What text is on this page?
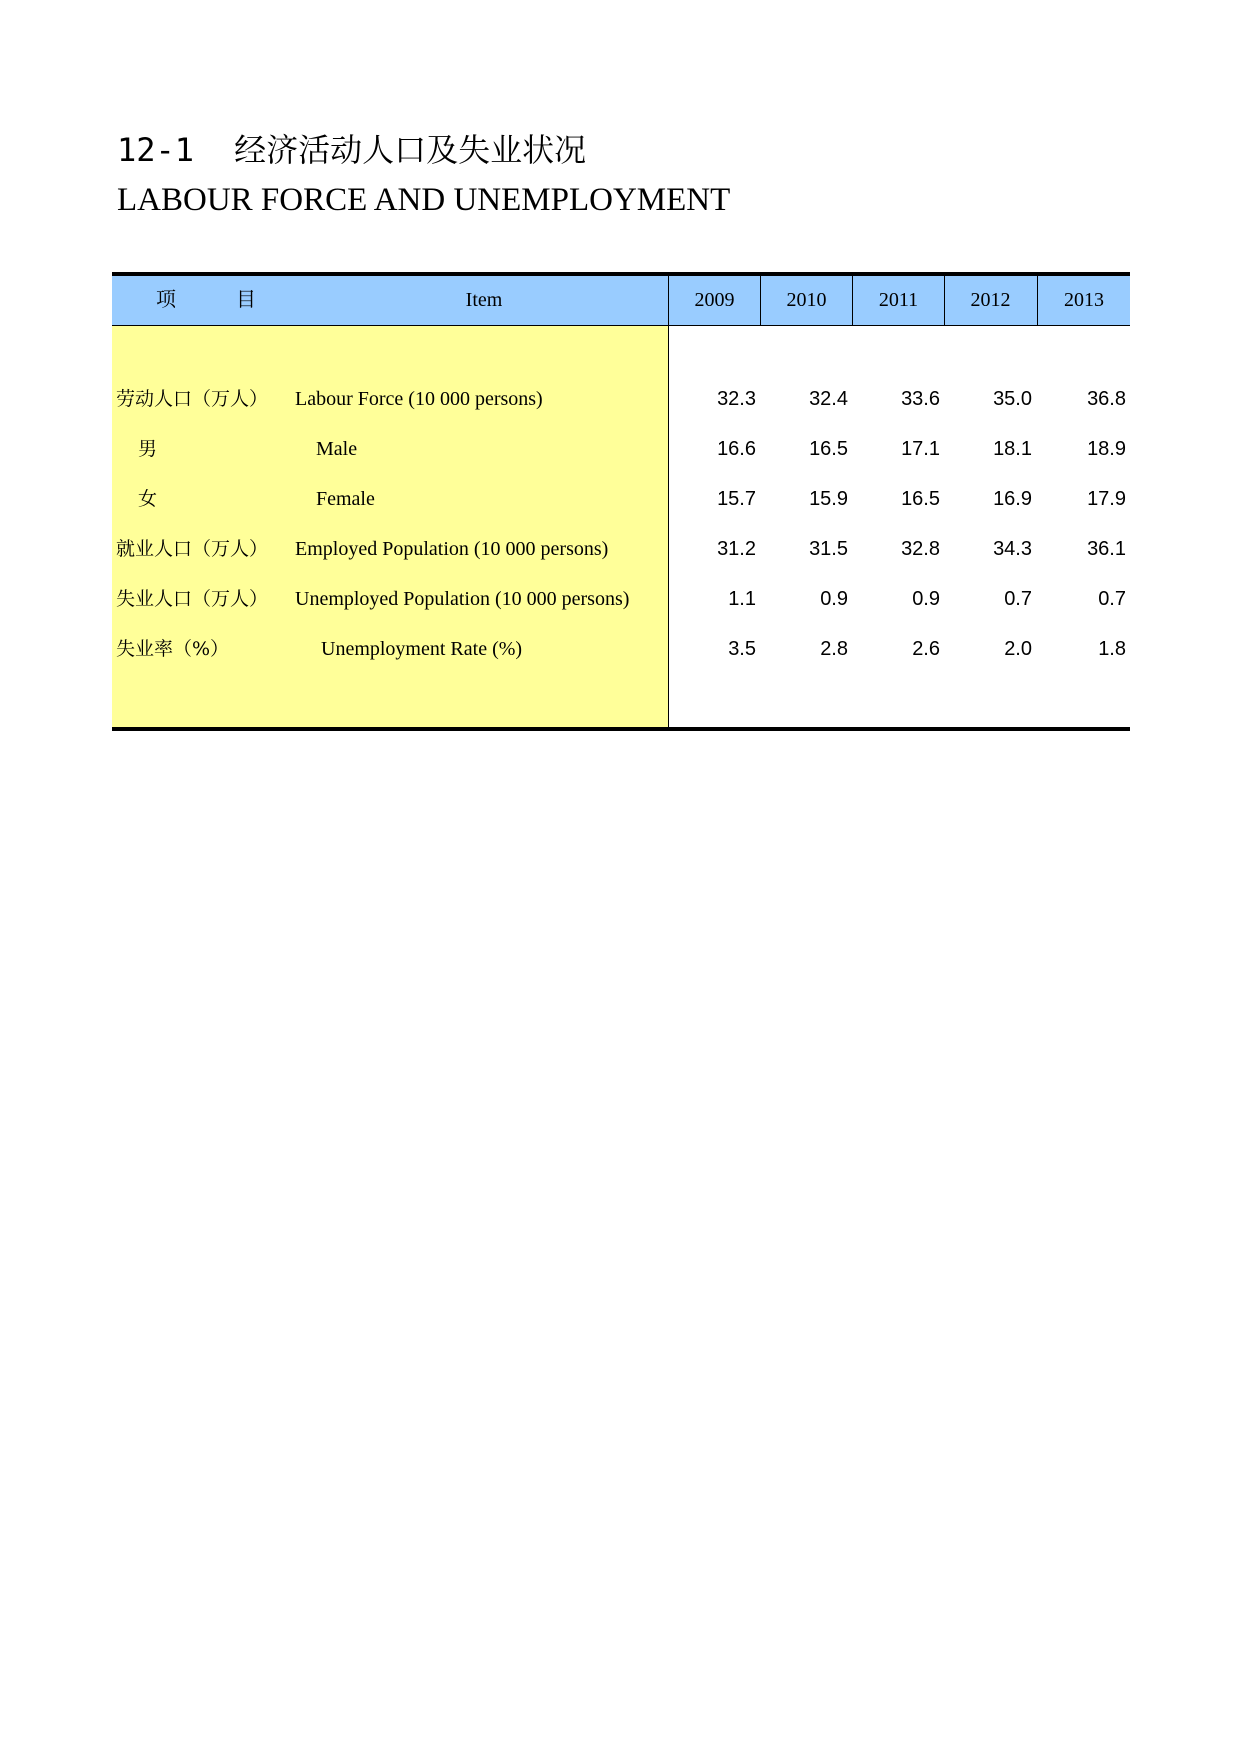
12-1 经济活动人口及失业状况
LABOUR FORCE AND UNEMPLOYMENT
项　　　目	Item	2009	2010	2011	2012	2013
劳动人口（万人） Labour Force (10 000 persons)	32.3	32.4	33.6	35.0	36.8
男	Male	16.6	16.5	17.1	18.1	18.9
女	Female	15.7	15.9	16.5	16.9	17.9
就业人口（万人） Employed Population (10 000 persons)	31.2	31.5	32.8	34.3	36.1
失业人口（万人） Unemployed Population (10 000 persons)	1.1	0.9	0.9	0.7	0.7
失业率（%）	Unemployment Rate (%)	3.5	2.8	2.6	2.0	1.8
